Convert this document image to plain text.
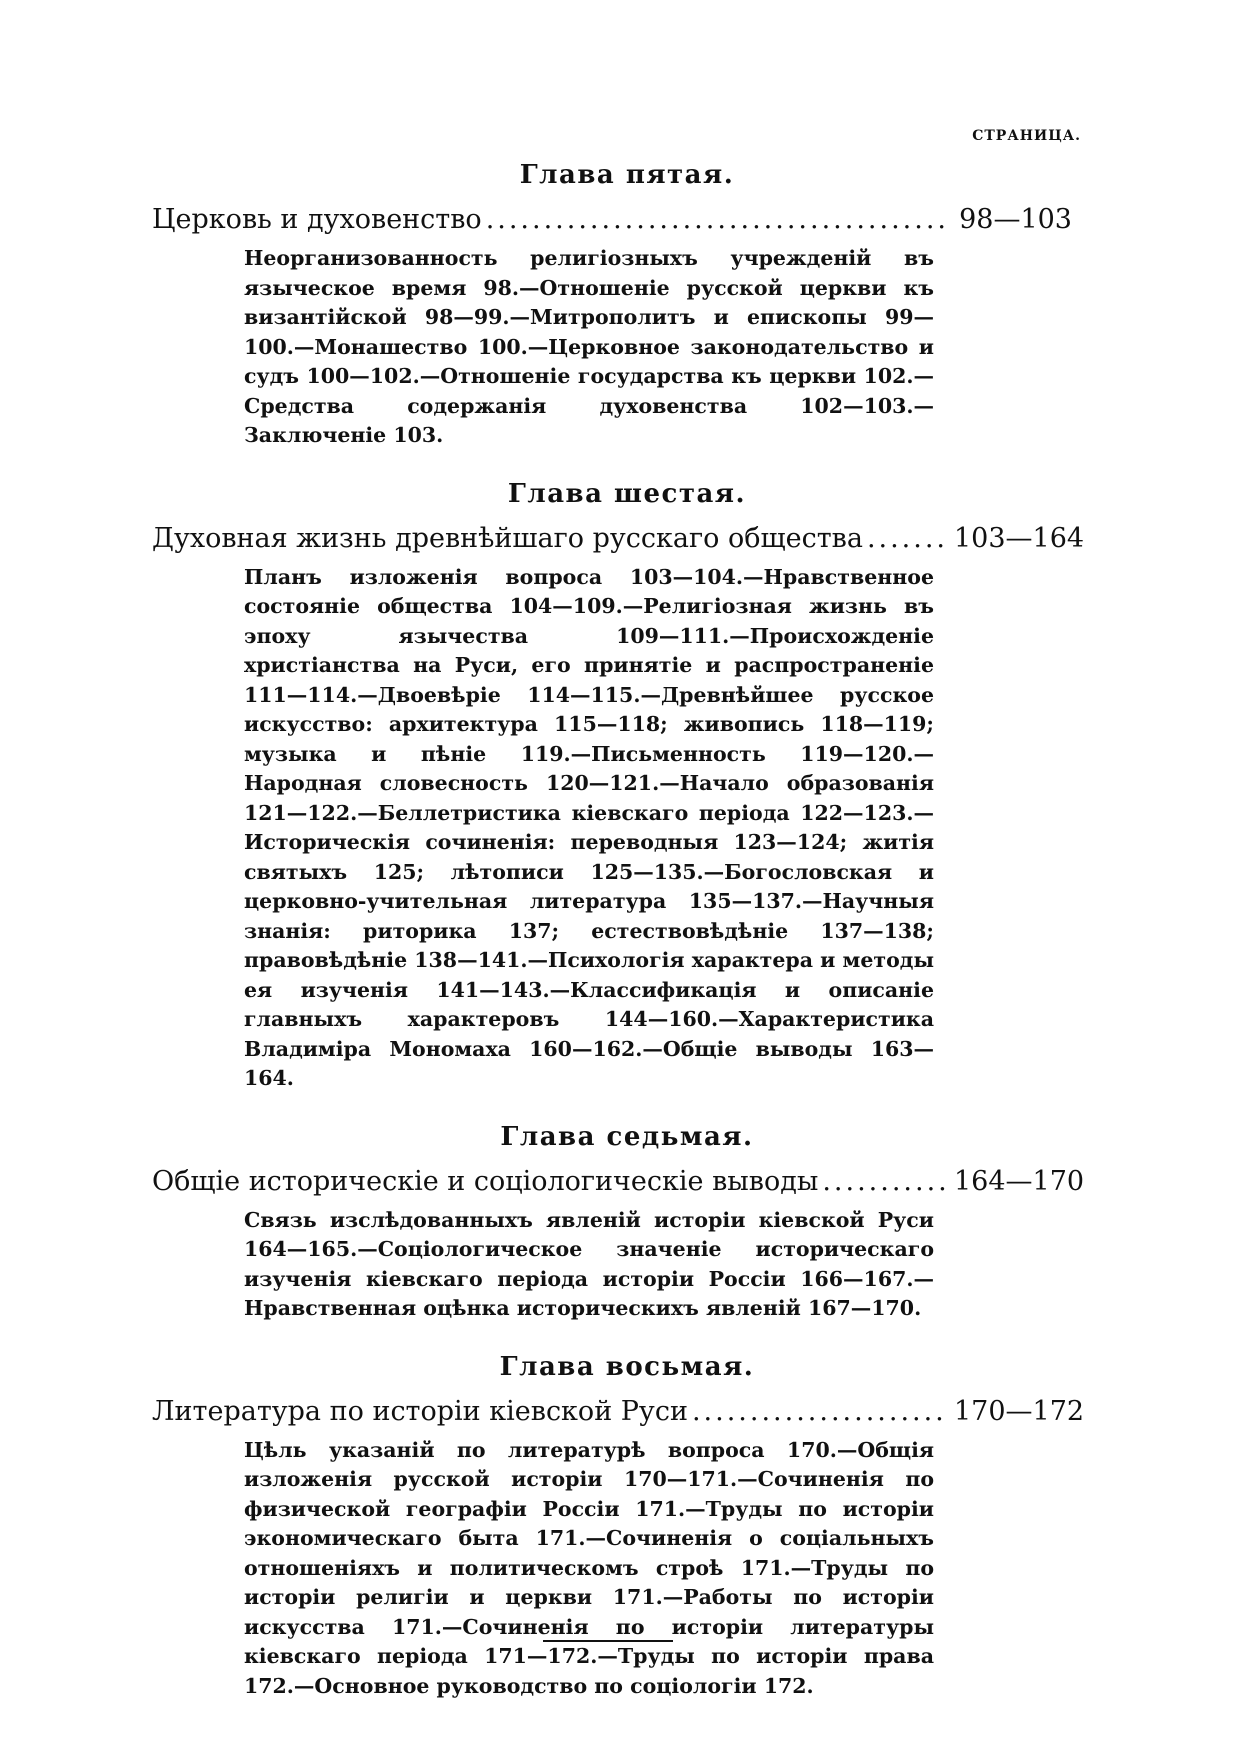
СТРАНИЦА.
Глава пятая.
Церковь и духовенство .....	98—103

Неорганизованность религiозныхъ учрежденiй въ языческое время 98.—Отношенiе русской церкви къ византiйской 98—99.—Митрополитъ и епископы 99—100.—Монашество 100.—Церковное законодательство и судъ 100—102.—Отношенiе государства къ церкви 102.—Средства содержанiя духовенства 102—103.—Заключенiе 103.

Глава шестая.
Духовная жизнь древнѣйшаго русскаго общества .....	103—164

Планъ изложенiя вопроса 103—104.—Нравственное состоянiе общества 104—109.—Религiозная жизнь въ эпоху язычества 109—111.—Происхожденiе христiанства на Руси, его принятiе и распространенiе 111—114.—Двоевѣрiе 114—115.—Древнѣйшее русское искусство: архитектура 115—118; живопись 118—119; музыка и пѣнiе 119.—Письменность 119—120.—Народная словесность 120—121.—Начало образованiя 121—122.—Беллетристика кiевскаго перiода 122—123.—Историческiя сочиненiя: переводныя 123—124; житiя святыхъ 125; лѣтописи 125—135.—Богословская и церковно-учительная литература 135—137.—Научныя знанiя: риторика 137; естествовѣдѣнiе 137—138; правовѣдѣнiе 138—141.—Психологiя характера и методы ея изученiя 141—143.—Классификацiя и описанiе главныхъ характеровъ 144—160.—Характеристика Владимiра Мономаха 160—162.—Общiе выводы 163—164.

Глава седьмая.
Общiе историческiе и соцiологическiе выводы .....	164—170

Связь изслѣдованныхъ явленiй исторiи кiевской Руси 164—165.—Соцiологическое значенiе историческаго изученiя кiевскаго перiода исторiи Россiи 166—167.—Нравственная оцѣнка историческихъ явленiй 167—170.

Глава восьмая.
Литература по исторiи кiевской Руси .....	170—172

Цѣль указанiй по литературѣ вопроса 170.—Общiя изложенiя русской исторiи 170—171.—Сочиненiя по физической географiи Россiи 171.—Труды по исторiи экономическаго быта 171.—Сочиненiя о соцiальныхъ отношенiяхъ и политическомъ строѣ 171.—Труды по исторiи религiи и церкви 171.—Работы по исторiи искусства 171.—Сочиненiя по исторiи литературы кiевскаго перiода 171—172.—Труды по исторiи права 172.—Основное руководство по соцiологiи 172.
